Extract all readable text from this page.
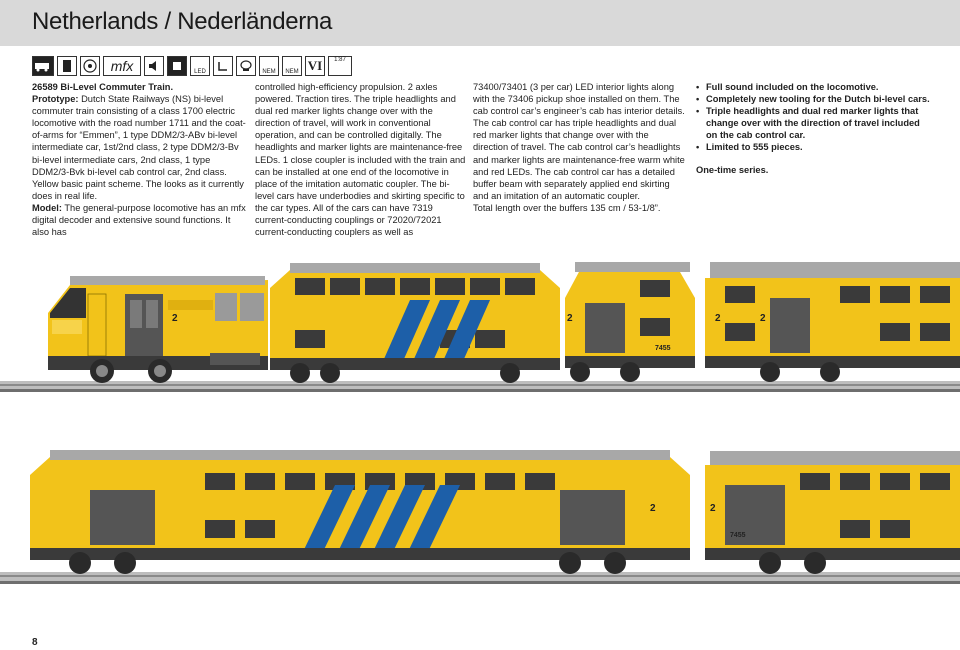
Netherlands / Nederländerna
mfx	LED	NEM	NEM VI	1:87
26589 Bi-Level Commuter Train.
Prototype: Dutch State Railways (NS) bi-level commuter train consisting of a class 1700 electric locomotive with the road number 1711 and the coat-of-arms for “Emmen”, 1 type DDM2/3-ABv bi-level intermediate car, 1st/2nd class, 2 type DDM2/3-Bv bi-level intermediate cars, 2nd class, 1 type DDM2/3-Bvk bi-level cab control car, 2nd class. Yellow basic paint scheme. The looks as it currently does in real life.
Model: The general-purpose locomotive has an mfx digital decoder and extensive sound functions. It also has
controlled high-efficiency propulsion. 2 axles powered. Traction tires. The triple headlights and dual red marker lights change over with the direction of travel, will work in conventional operation, and can be controlled digitally. The headlights and marker lights are maintenance-free LEDs. 1 close coupler is included with the train and can be installed at one end of the locomotive in place of the imitation automatic coupler. The bi-level cars have underbodies and skirting specific to the car types. All of the cars can have 7319 current-conducting couplings or 72020/72021 current-conducting couplers as well as
73400/73401 (3 per car) LED interior lights along with the 73406 pickup shoe installed on them. The cab control car’s engineer’s cab has interior details. The cab control car has triple headlights and dual red marker lights that change over with the direction of travel. The cab control car’s headlights and marker lights are maintenance-free warm white and red LEDs. The cab control car has a detailed buffer beam with separately applied end skirting and an imitation of an automatic coupler.
Total length over the buffers 135 cm / 53-1/8”.
• Full sound included on the locomotive.
• Completely new tooling for the Dutch bi-level cars.
• Triple headlights and dual red marker lights that change over with the direction of travel included on the cab control car.
• Limited to 555 pieces.
One-time series.
2	2	2	2
7455
2	2
7455
8
